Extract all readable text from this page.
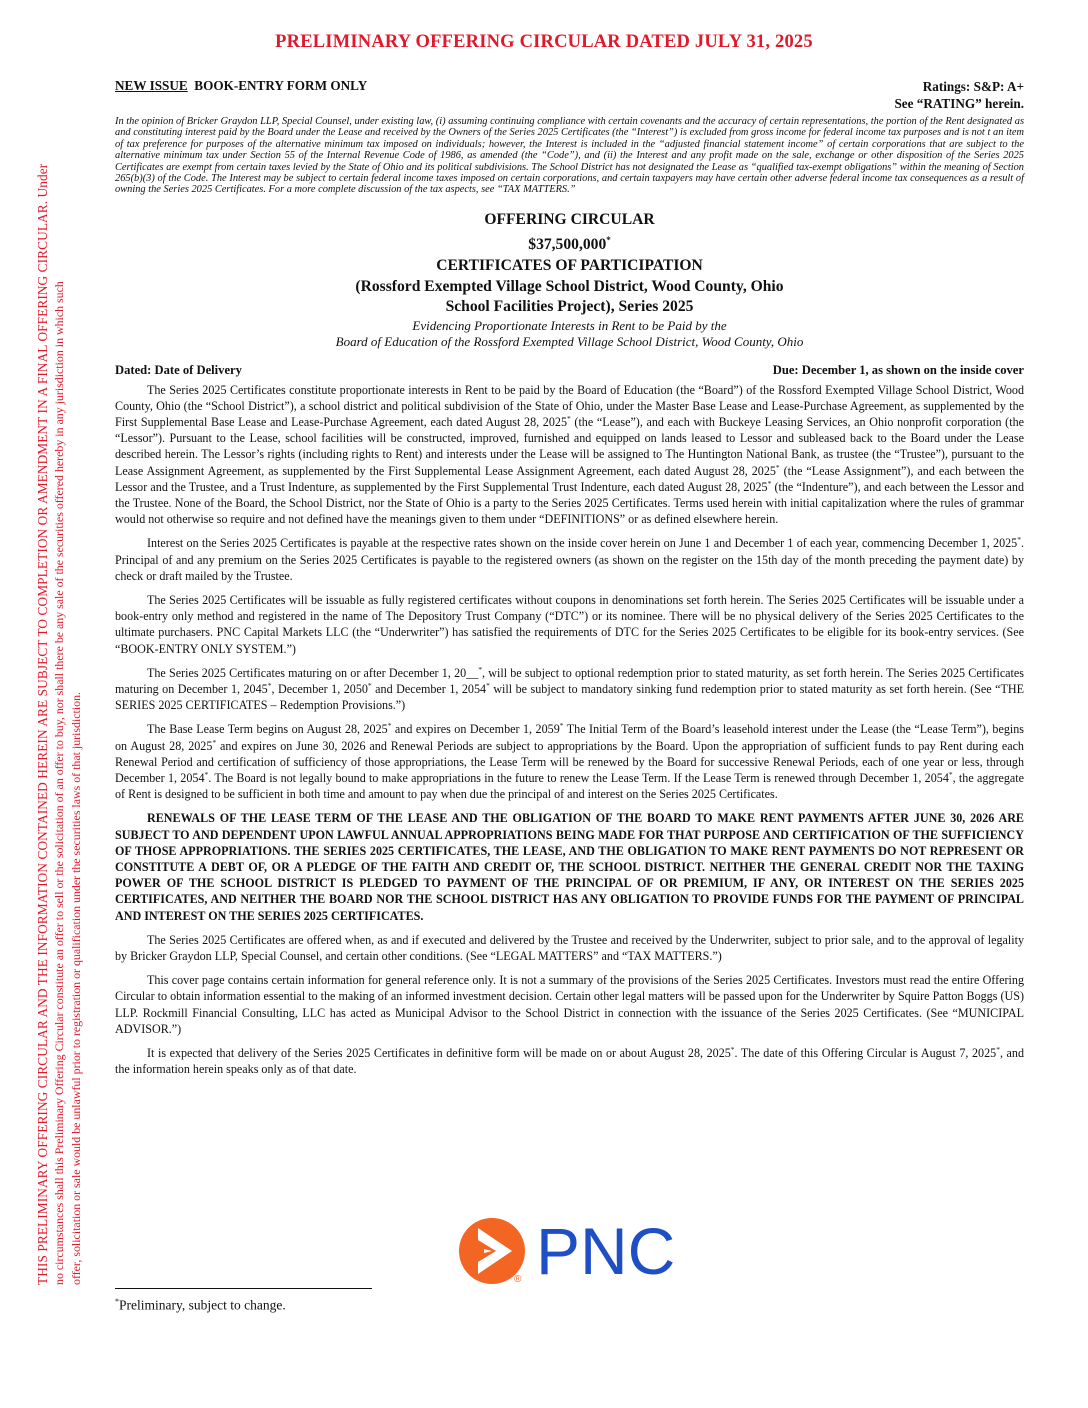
PRELIMINARY OFFERING CIRCULAR DATED JULY 31, 2025
THIS PRELIMINARY OFFERING CIRCULAR AND THE INFORMATION CONTAINED HEREIN ARE SUBJECT TO COMPLETION OR AMENDMENT IN A FINAL OFFERING CIRCULAR. Under no circumstances shall this Preliminary Offering Circular constitute an offer to sell or the solicitation of an offer to buy, nor shall there be any sale of the securities offered hereby in any jurisdiction in which such offer, solicitation or sale would be unlawful prior to registration or qualification under the securities laws of that jurisdiction.
NEW ISSUE BOOK-ENTRY FORM ONLY	Ratings: S&P: A+
See “RATING” herein.
In the opinion of Bricker Graydon LLP, Special Counsel, under existing law, (i) assuming continuing compliance with certain covenants and the accuracy of certain representations, the portion of the Rent designated as and constituting interest paid by the Board under the Lease and received by the Owners of the Series 2025 Certificates (the “Interest”) is excluded from gross income for federal income tax purposes and is not t an item of tax preference for purposes of the alternative minimum tax imposed on individuals; however, the Interest is included in the “adjusted financial statement income” of certain corporations that are subject to the alternative minimum tax under Section 55 of the Internal Revenue Code of 1986, as amended (the “Code”), and (ii) the Interest and any profit made on the sale, exchange or other disposition of the Series 2025 Certificates are exempt from certain taxes levied by the State of Ohio and its political subdivisions. The School District has not designated the Lease as “qualified tax-exempt obligations” within the meaning of Section 265(b)(3) of the Code. The Interest may be subject to certain federal income taxes imposed on certain corporations, and certain taxpayers may have certain other adverse federal income tax consequences as a result of owning the Series 2025 Certificates. For a more complete discussion of the tax aspects, see “TAX MATTERS.”
OFFERING CIRCULAR
$37,500,000*
CERTIFICATES OF PARTICIPATION
(Rossford Exempted Village School District, Wood County, Ohio
School Facilities Project), Series 2025
Evidencing Proportionate Interests in Rent to be Paid by the
Board of Education of the Rossford Exempted Village School District, Wood County, Ohio
Dated: Date of Delivery	Due: December 1, as shown on the inside cover

The Series 2025 Certificates constitute proportionate interests in Rent to be paid by the Board of Education (the “Board”) of the Rossford Exempted Village School District, Wood County, Ohio (the “School District”), a school district and political subdivision of the State of Ohio, under the Master Base Lease and Lease-Purchase Agreement, as supplemented by the First Supplemental Base Lease and Lease-Purchase Agreement, each dated August 28, 2025* (the “Lease”), and each with Buckeye Leasing Services, an Ohio nonprofit corporation (the “Lessor”). Pursuant to the Lease, school facilities will be constructed, improved, furnished and equipped on lands leased to Lessor and subleased back to the Board under the Lease described herein. The Lessor’s rights (including rights to Rent) and interests under the Lease will be assigned to The Huntington National Bank, as trustee (the “Trustee”), pursuant to the Lease Assignment Agreement, as supplemented by the First Supplemental Lease Assignment Agreement, each dated August 28, 2025* (the “Lease Assignment”), and each between the Lessor and the Trustee, and a Trust Indenture, as supplemented by the First Supplemental Trust Indenture, each dated August 28, 2025* (the “Indenture”), and each between the Lessor and the Trustee. None of the Board, the School District, nor the State of Ohio is a party to the Series 2025 Certificates. Terms used herein with initial capitalization where the rules of grammar would not otherwise so require and not defined have the meanings given to them under “DEFINITIONS” or as defined elsewhere herein.

Interest on the Series 2025 Certificates is payable at the respective rates shown on the inside cover herein on June 1 and December 1 of each year, commencing December 1, 2025*. Principal of and any premium on the Series 2025 Certificates is payable to the registered owners (as shown on the register on the 15th day of the month preceding the payment date) by check or draft mailed by the Trustee.

The Series 2025 Certificates will be issuable as fully registered certificates without coupons in denominations set forth herein. The Series 2025 Certificates will be issuable under a book-entry only method and registered in the name of The Depository Trust Company (“DTC”) or its nominee. There will be no physical delivery of the Series 2025 Certificates to the ultimate purchasers. PNC Capital Markets LLC (the “Underwriter”) has satisfied the requirements of DTC for the Series 2025 Certificates to be eligible for its book-entry services. (See “BOOK-ENTRY ONLY SYSTEM.”)

The Series 2025 Certificates maturing on or after December 1, 20__*, will be subject to optional redemption prior to stated maturity, as set forth herein. The Series 2025 Certificates maturing on December 1, 2045*, December 1, 2050* and December 1, 2054* will be subject to mandatory sinking fund redemption prior to stated maturity as set forth herein. (See “THE SERIES 2025 CERTIFICATES – Redemption Provisions.”)

The Base Lease Term begins on August 28, 2025* and expires on December 1, 2059* The Initial Term of the Board’s leasehold interest under the Lease (the “Lease Term”), begins on August 28, 2025* and expires on June 30, 2026 and Renewal Periods are subject to appropriations by the Board. Upon the appropriation of sufficient funds to pay Rent during each Renewal Period and certification of sufficiency of those appropriations, the Lease Term will be renewed by the Board for successive Renewal Periods, each of one year or less, through December 1, 2054*. The Board is not legally bound to make appropriations in the future to renew the Lease Term. If the Lease Term is renewed through December 1, 2054*, the aggregate of Rent is designed to be sufficient in both time and amount to pay when due the principal of and interest on the Series 2025 Certificates.

RENEWALS OF THE LEASE TERM OF THE LEASE AND THE OBLIGATION OF THE BOARD TO MAKE RENT PAYMENTS AFTER JUNE 30, 2026 ARE SUBJECT TO AND DEPENDENT UPON LAWFUL ANNUAL APPROPRIATIONS BEING MADE FOR THAT PURPOSE AND CERTIFICATION OF THE SUFFICIENCY OF THOSE APPROPRIATIONS. THE SERIES 2025 CERTIFICATES, THE LEASE, AND THE OBLIGATION TO MAKE RENT PAYMENTS DO NOT REPRESENT OR CONSTITUTE A DEBT OF, OR A PLEDGE OF THE FAITH AND CREDIT OF, THE SCHOOL DISTRICT. NEITHER THE GENERAL CREDIT NOR THE TAXING POWER OF THE SCHOOL DISTRICT IS PLEDGED TO PAYMENT OF THE PRINCIPAL OF OR PREMIUM, IF ANY, OR INTEREST ON THE SERIES 2025 CERTIFICATES, AND NEITHER THE BOARD NOR THE SCHOOL DISTRICT HAS ANY OBLIGATION TO PROVIDE FUNDS FOR THE PAYMENT OF PRINCIPAL AND INTEREST ON THE SERIES 2025 CERTIFICATES.

The Series 2025 Certificates are offered when, as and if executed and delivered by the Trustee and received by the Underwriter, subject to prior sale, and to the approval of legality by Bricker Graydon LLP, Special Counsel, and certain other conditions. (See “LEGAL MATTERS” and “TAX MATTERS.”)

This cover page contains certain information for general reference only. It is not a summary of the provisions of the Series 2025 Certificates. Investors must read the entire Offering Circular to obtain information essential to the making of an informed investment decision. Certain other legal matters will be passed upon for the Underwriter by Squire Patton Boggs (US) LLP. Rockmill Financial Consulting, LLC has acted as Municipal Advisor to the School District in connection with the issuance of the Series 2025 Certificates. (See “MUNICIPAL ADVISOR.”)

It is expected that delivery of the Series 2025 Certificates in definitive form will be made on or about August 28, 2025*. The date of this Offering Circular is August 7, 2025*, and the information herein speaks only as of that date.

PNC
®
*Preliminary, subject to change.
